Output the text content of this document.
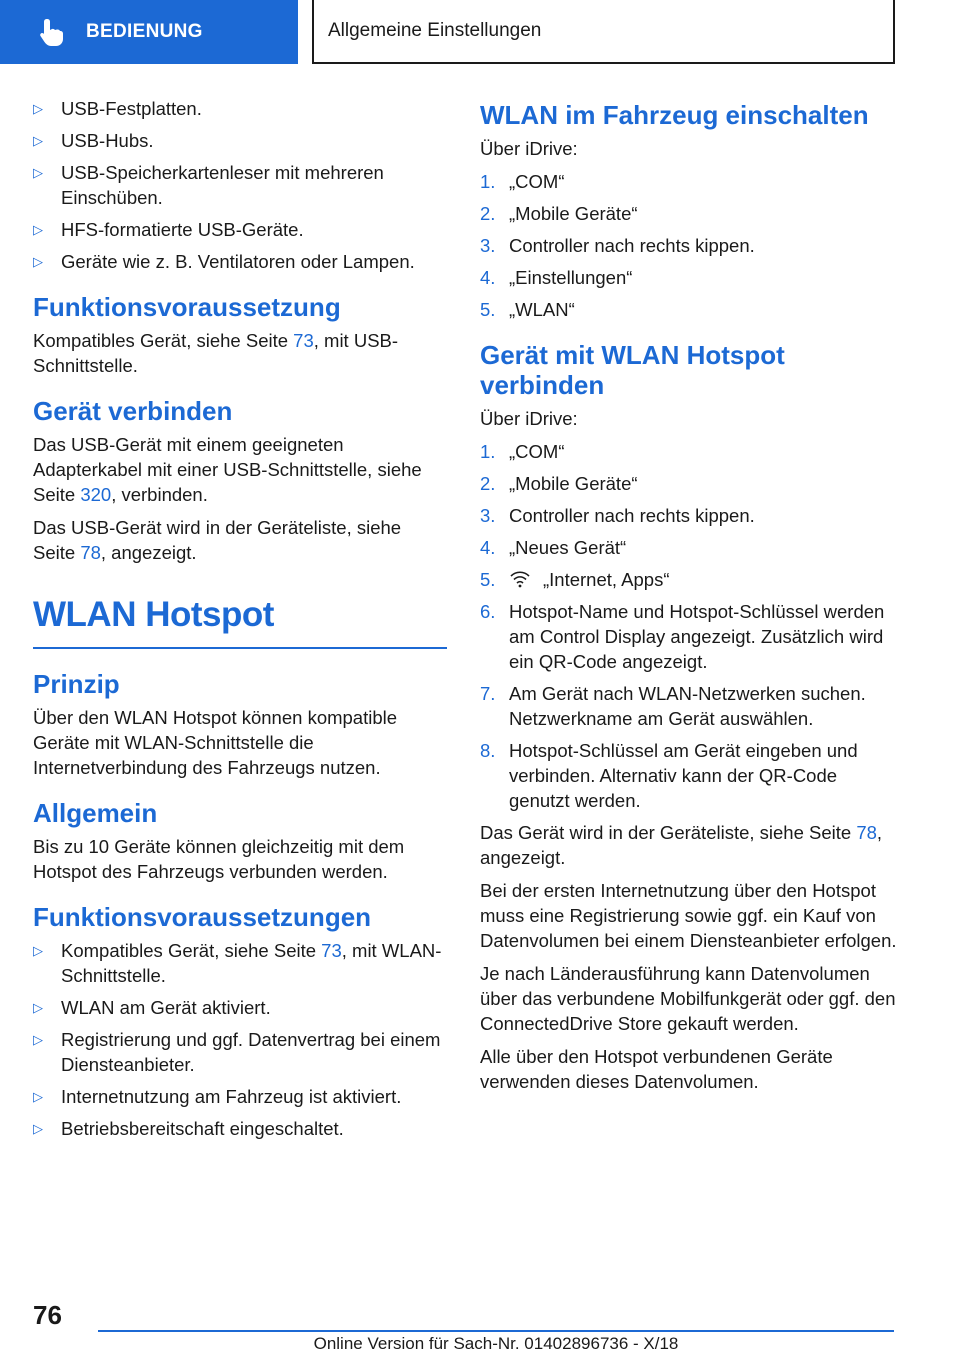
BEDIENUNG	Allgemeine Einstellungen
▷ USB-Festplatten.
▷ USB-Hubs.
▷ USB-Speicherkartenleser mit mehreren Einschüben.
▷ HFS-formatierte USB-Geräte.
▷ Geräte wie z. B. Ventilatoren oder Lampen.
Funktionsvoraussetzung

Kompatibles Gerät, siehe Seite 73, mit USB-Schnittstelle.

Gerät verbinden

Das USB-Gerät mit einem geeigneten Adapterkabel mit einer USB-Schnittstelle, siehe Seite 320, verbinden.

Das USB-Gerät wird in der Geräteliste, siehe Seite 78, angezeigt.

WLAN Hotspot
Prinzip

Über den WLAN Hotspot können kompatible Geräte mit WLAN-Schnittstelle die Internetverbindung des Fahrzeugs nutzen.

Allgemein

Bis zu 10 Geräte können gleichzeitig mit dem Hotspot des Fahrzeugs verbunden werden.

Funktionsvoraussetzungen
▷ Kompatibles Gerät, siehe Seite 73, mit WLAN-Schnittstelle.
▷ WLAN am Gerät aktiviert.
▷ Registrierung und ggf. Datenvertrag bei einem Diensteanbieter.
▷ Internetnutzung am Fahrzeug ist aktiviert.
▷ Betriebsbereitschaft eingeschaltet.
WLAN im Fahrzeug einschalten

Über iDrive:

1. „COM“
2. „Mobile Geräte“
3. Controller nach rechts kippen.
4. „Einstellungen“
5. „WLAN“
Gerät mit WLAN Hotspot verbinden

Über iDrive:

1. „COM“
2. „Mobile Geräte“
3. Controller nach rechts kippen.
4. „Neues Gerät“
5.	„Internet, Apps“
6. Hotspot-Name und Hotspot-Schlüssel werden am Control Display angezeigt. Zusätzlich wird ein QR-Code angezeigt.
7. Am Gerät nach WLAN-Netzwerken suchen. Netzwerkname am Gerät auswählen.
8. Hotspot-Schlüssel am Gerät eingeben und verbinden. Alternativ kann der QR-Code genutzt werden.

Das Gerät wird in der Geräteliste, siehe Seite 78, angezeigt.

Bei der ersten Internetnutzung über den Hotspot muss eine Registrierung sowie ggf. ein Kauf von Datenvolumen bei einem Diensteanbieter erfolgen.

Je nach Länderausführung kann Datenvolumen über das verbundene Mobilfunkgerät oder ggf. den ConnectedDrive Store gekauft werden.

Alle über den Hotspot verbundenen Geräte verwenden dieses Datenvolumen.

76
Online Version für Sach-Nr. 01402896736 - X/18
